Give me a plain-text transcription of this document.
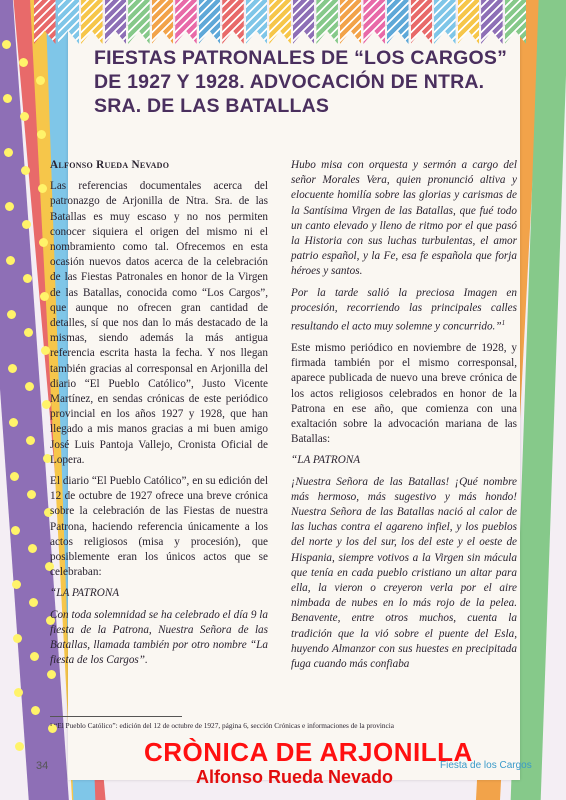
FIESTAS PATRONALES DE “LOS CARGOS” DE 1927 Y 1928. ADVOCACIÓN DE NTRA. SRA. DE LAS BATALLAS

Alfonso Rueda Nevado

Las referencias documentales acerca del patronazgo de Arjonilla de Ntra. Sra. de las Batallas es muy escaso y no nos permiten conocer siquiera el origen del mismo ni el nombramiento como tal. Ofrecemos en esta ocasión nuevos datos acerca de la celebración de las Fiestas Patronales en honor de la Virgen de las Batallas, conocida como “Los Cargos”, que aunque no ofrecen gran cantidad de detalles, sí que nos dan lo más destacado de la mismas, siendo además la más antigua referencia escrita hasta la fecha. Y nos llegan también gracias al corresponsal en Arjonilla del diario “El Pueblo Católico”, Justo Vicente Martínez, en sendas crónicas de este periódico provincial en los años 1927 y 1928, que han llegado a mis manos gracias a mi buen amigo José Luis Pantoja Vallejo, Cronista Oficial de Lopera.

El diario “El Pueblo Católico”, en su edición del 12 de octubre de 1927 ofrece una breve crónica sobre la celebración de las Fiestas de nuestra Patrona, haciendo referencia únicamente a los actos religiosos (misa y procesión), que posiblemente eran los únicos actos que se celebraban:

“LA PATRONA

Con toda solemnidad se ha celebrado el día 9 la fiesta de la Patrona, Nuestra Señora de las Batallas, llamada también por otro nombre “La fiesta de los Cargos”.

Hubo misa con orquesta y sermón a cargo del señor Morales Vera, quien pronunció altiva y elocuente homilía sobre las glorias y carismas de la Santísima Virgen de las Batallas, que fué todo un canto elevado y lleno de ritmo por el que pasó la Historia con sus luchas turbulentas, el amor patrio español, y la Fe, esa fe española que forja héroes y santos.

Por la tarde salió la preciosa Imagen en procesión, recorriendo las principales calles resultando el acto muy solemne y concurrido.”$^1$

Este mismo periódico en noviembre de 1928, y firmada también por el mismo corresponsal, aparece publicada de nuevo una breve crónica de los actos religiosos celebrados en honor de la Patrona en ese año, que comienza con una exaltación sobre la advocación mariana de las Batallas:

“LA PATRONA

¡Nuestra Señora de las Batallas! ¡Qué nombre más hermoso, más sugestivo y más hondo! Nuestra Señora de las Batallas nació al calor de las luchas contra el agareno infiel, y los pueblos del norte y los del sur, los del este y el oeste de Hispania, siempre votivos a la Virgen sin mácula que tenía en cada pueblo cristiano un altar para ella, la vieron o creyeron verla por el aire nimbada de nubes en lo más rojo de la pelea. Benavente, entre otros muchos, cuenta la tradición que la vió sobre el puente del Esla, huyendo Almanzor con sus huestes en precipitada fuga cuando más confiaba

¹ “El Pueblo Católico”: edición del 12 de octubre de 1927, página 6, sección Crónicas e informaciones de la provincia
34	CRÒNICA DE ARJONILLA
Alfonso Rueda Nevado
Fiesta de los Cargos
